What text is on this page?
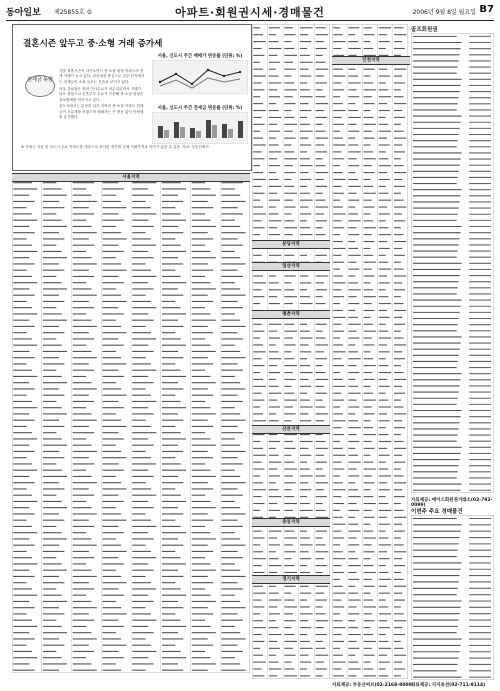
동아일보 제25855호 ⑤	아파트·회원권시세·경매물건	2006년 9월 8일 월요일 B7
결혼시즌 앞두고 중·소형 거래 증가세
전세금 동향

가을 결혼시즌이 다가오면서 중·소형 평형 아파트의 전세 거래가 늘고 있다. 강남권을 중심으로 일부 단지에서는 전세금이 소폭 오르는 모습을 보이고 있다.

서울 강남권은 방학 이사수요가 마무리되면서 거래가 다소 줄었으나 신혼부부 수요가 꾸준해 중·소형 평형은 강보합세를 이어가고 있다.

신도시에서는 분당과 일산 지역의 중·소형 아파트 전세금이 오름세를 보였으며 매매가는 큰 변동 없이 안정세를 유지했다.

서울, 신도시 주간 매매가 변동률 (단위: %)
서울, 신도시 주간 전세금 변동률 (단위: %)
※ 시세는 서울 및 신도시 주요 아파트를 대상으로 조사한 것이며 실제 거래가격과 차이가 있을 수 있음. 자료: 부동산써브
골프회원권
자료제공: 에이스회원권거래소(02-792-0099)
이번주 주요 경매물건
자료제공: 지지옥션(02-711-9114)
자료제공: 부동산써브(02-2168-8000)
분당지역
일산지역
평촌지역
산본지역
중동지역
경기지역
인천지역
서울지역
